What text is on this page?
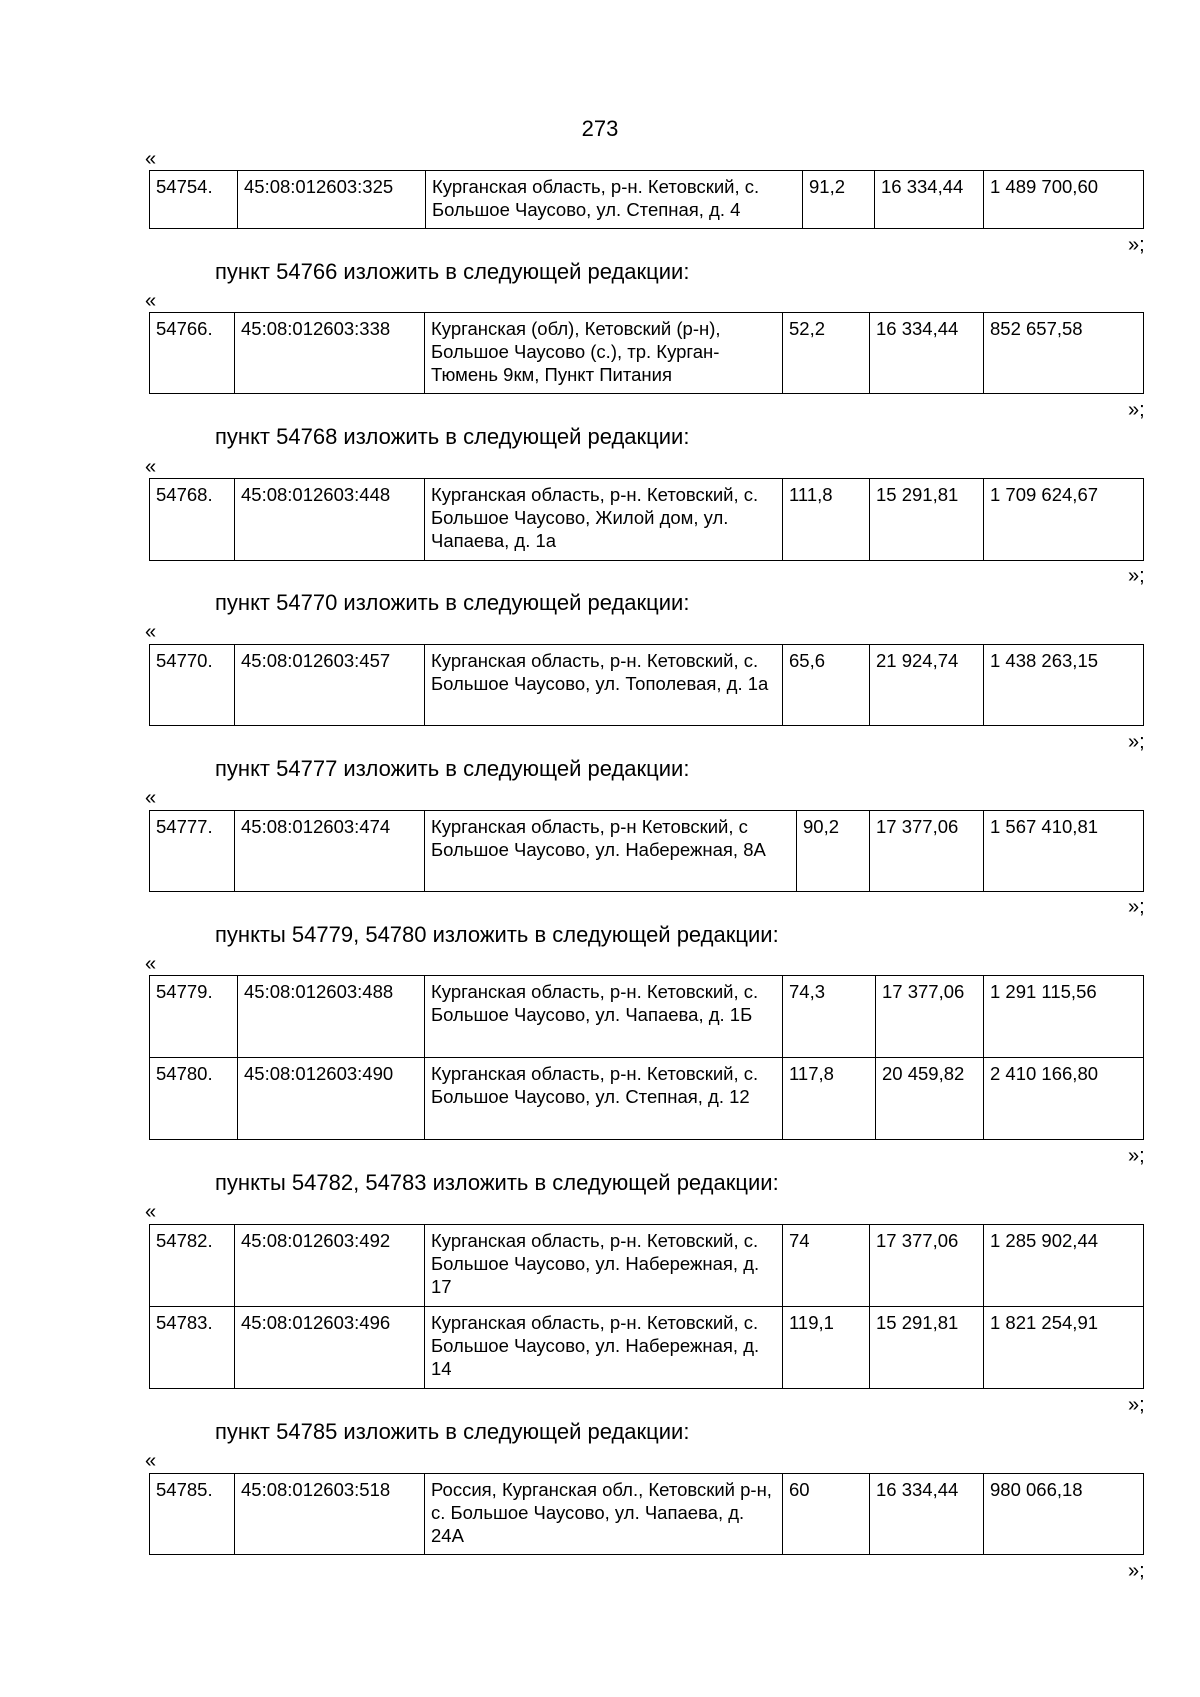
273
«
54754.	45:08:012603:325	Курганская область, р-н. Кетовский, с. Большое Чаусово, ул. Степная, д. 4	91,2	16 334,44	1 489 700,60
»;
пункт 54766 изложить в следующей редакции:
«
54766.	45:08:012603:338	Курганская (обл), Кетовский (р-н), Большое Чаусово (с.), тр. Курган-Тюмень 9км, Пункт Питания	52,2	16 334,44	852 657,58
»;
пункт 54768 изложить в следующей редакции:
«
54768.	45:08:012603:448	Курганская область, р-н. Кетовский, с. Большое Чаусово, Жилой дом, ул. Чапаева, д. 1а	111,8	15 291,81	1 709 624,67
»;
пункт 54770 изложить в следующей редакции:
«
54770.	45:08:012603:457	Курганская область, р-н. Кетовский, с. Большое Чаусово, ул. Тополевая, д. 1а	65,6	21 924,74	1 438 263,15
»;
пункт 54777 изложить в следующей редакции:
«
54777.	45:08:012603:474	Курганская область, р-н Кетовский, с Большое Чаусово, ул. Набережная, 8А	90,2	17 377,06	1 567 410,81
»;
пункты 54779, 54780 изложить в следующей редакции:
«
54779.	45:08:012603:488	Курганская область, р-н. Кетовский, с. Большое Чаусово, ул. Чапаева, д. 1Б	74,3	17 377,06	1 291 115,56
54780.	45:08:012603:490	Курганская область, р-н. Кетовский, с. Большое Чаусово, ул. Степная, д. 12	117,8	20 459,82	2 410 166,80
»;
пункты 54782, 54783 изложить в следующей редакции:
«
54782.	45:08:012603:492	Курганская область, р-н. Кетовский, с. Большое Чаусово, ул. Набережная, д. 17	74	17 377,06	1 285 902,44
54783.	45:08:012603:496	Курганская область, р-н. Кетовский, с. Большое Чаусово, ул. Набережная, д. 14	119,1	15 291,81	1 821 254,91
»;
пункт 54785 изложить в следующей редакции:
«
54785.	45:08:012603:518	Россия, Курганская обл., Кетовский р-н, с. Большое Чаусово, ул. Чапаева, д. 24А	60	16 334,44	980 066,18
»;
